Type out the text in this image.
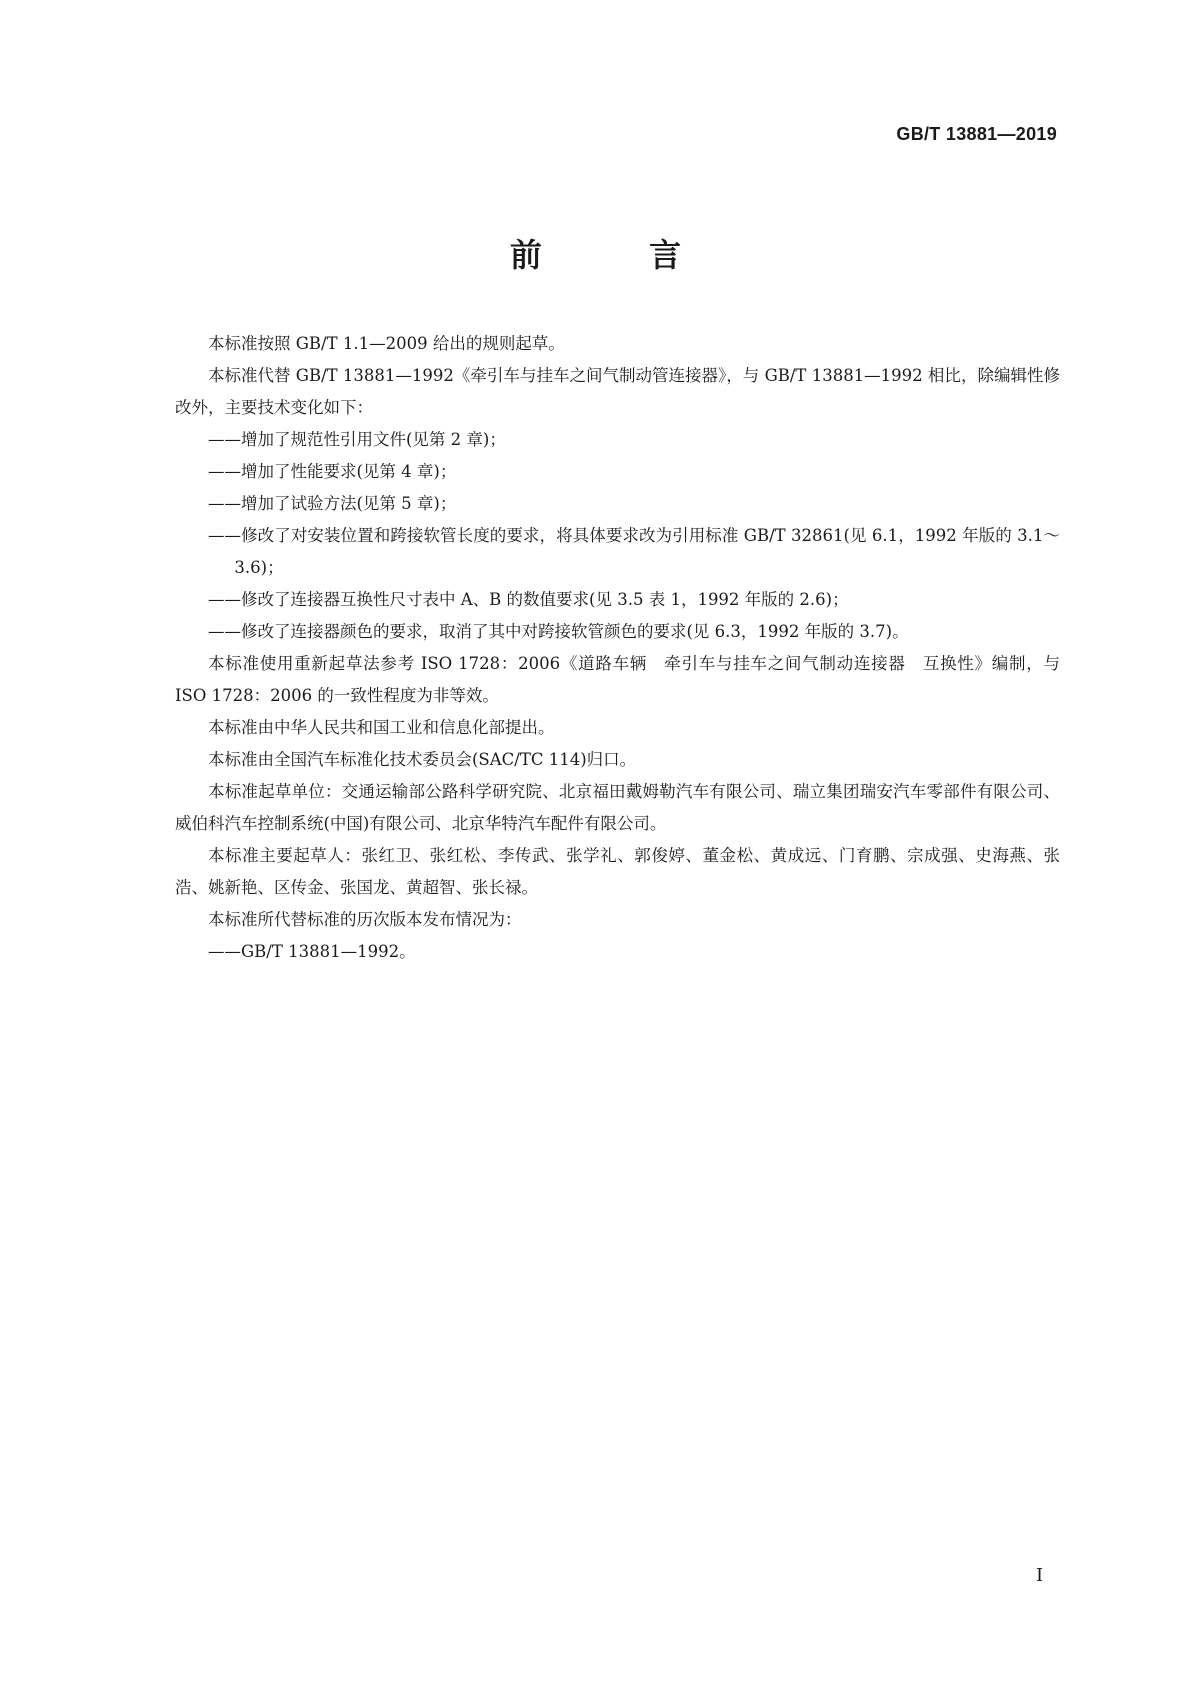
GB/T 13881—2019
前 言

本标准按照 GB/T 1.1—2009 给出的规则起草。

本标准代替 GB/T 13881—1992《牵引车与挂车之间气制动管连接器》，与 GB/T 13881—1992 相比，除编辑性修改外，主要技术变化如下：

——增加了规范性引用文件(见第 2 章)；

——增加了性能要求(见第 4 章)；

——增加了试验方法(见第 5 章)；

——修改了对安装位置和跨接软管长度的要求，将具体要求改为引用标准 GB/T 32861(见 6.1，1992 年版的 3.1～3.6)；

——修改了连接器互换性尺寸表中 A、B 的数值要求(见 3.5 表 1，1992 年版的 2.6)；

——修改了连接器颜色的要求，取消了其中对跨接软管颜色的要求(见 6.3，1992 年版的 3.7)。

本标准使用重新起草法参考 ISO 1728：2006《道路车辆　牵引车与挂车之间气制动连接器　互换性》编制，与 ISO 1728：2006 的一致性程度为非等效。

本标准由中华人民共和国工业和信息化部提出。

本标准由全国汽车标准化技术委员会(SAC/TC 114)归口。

本标准起草单位：交通运输部公路科学研究院、北京福田戴姆勒汽车有限公司、瑞立集团瑞安汽车零部件有限公司、威伯科汽车控制系统(中国)有限公司、北京华特汽车配件有限公司。

本标准主要起草人：张红卫、张红松、李传武、张学礼、郭俊婷、董金松、黄成远、门育鹏、宗成强、史海燕、张浩、姚新艳、区传金、张国龙、黄超智、张长禄。

本标准所代替标准的历次版本发布情况为：

——GB/T 13881—1992。

I
